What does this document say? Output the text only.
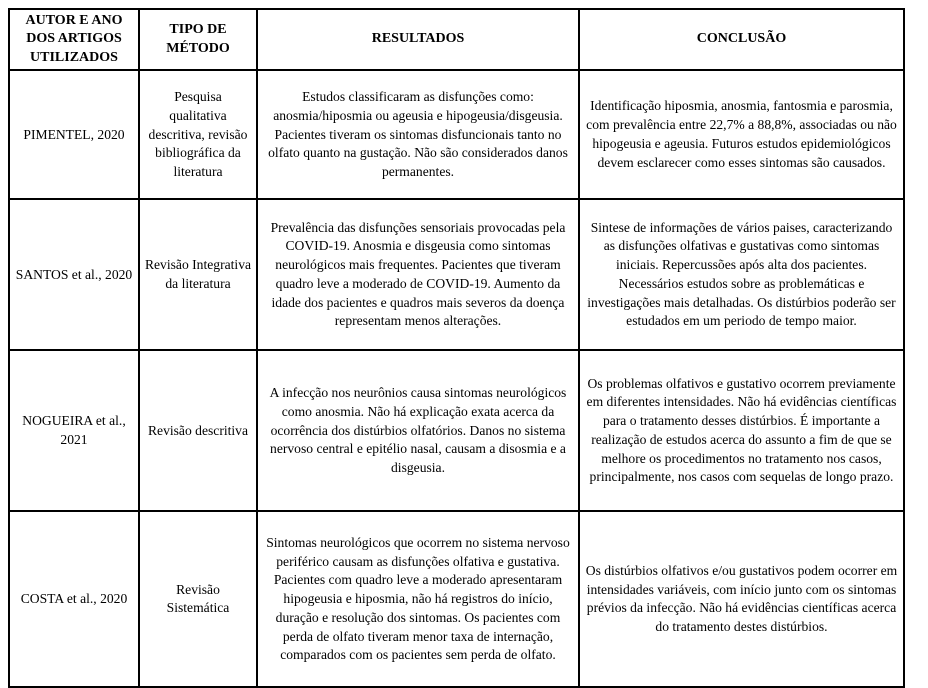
AUTOR E ANO DOS ARTIGOS UTILIZADOS	TIPO DE MÉTODO	RESULTADOS	CONCLUSÃO
PIMENTEL, 2020	Pesquisa qualitativa descritiva, revisão bibliográfica da literatura	Estudos classificaram as disfunções como: anosmia/hiposmia ou ageusia e hipogeusia/disgeusia. Pacientes tiveram os sintomas disfuncionais tanto no olfato quanto na gustação. Não são considerados danos permanentes.	Identificação hiposmia, anosmia, fantosmia e parosmia, com prevalência entre 22,7% a 88,8%, associadas ou não hipogeusia e ageusia. Futuros estudos epidemiológicos devem esclarecer como esses sintomas são causados.
SANTOS et al., 2020	Revisão Integrativa da literatura	Prevalência das disfunções sensoriais provocadas pela COVID-19. Anosmia e disgeusia como sintomas neurológicos mais frequentes. Pacientes que tiveram quadro leve a moderado de COVID-19. Aumento da idade dos pacientes e quadros mais severos da doença representam menos alterações.	Sintese de informações de vários paises, caracterizando as disfunções olfativas e gustativas como sintomas iniciais. Repercussões após alta dos pacientes. Necessários estudos sobre as problemáticas e investigações mais detalhadas. Os distúrbios poderão ser estudados em um periodo de tempo maior.
NOGUEIRA et al., 2021	Revisão descritiva	A infecção nos neurônios causa sintomas neurológicos como anosmia. Não há explicação exata acerca da ocorrência dos distúrbios olfatórios. Danos no sistema nervoso central e epitélio nasal, causam a disosmia e a disgeusia.	Os problemas olfativos e gustativo ocorrem previamente em diferentes intensidades. Não há evidências científicas para o tratamento desses distúrbios. É importante a realização de estudos acerca do assunto a fim de que se melhore os procedimentos no tratamento nos casos, principalmente, nos casos com sequelas de longo prazo.
COSTA et al., 2020	Revisão Sistemática	Sintomas neurológicos que ocorrem no sistema nervoso periférico causam as disfunções olfativa e gustativa. Pacientes com quadro leve a moderado apresentaram hipogeusia e hiposmia, não há registros do início, duração e resolução dos sintomas. Os pacientes com perda de olfato tiveram menor taxa de internação, comparados com os pacientes sem perda de olfato.	Os distúrbios olfativos e/ou gustativos podem ocorrer em intensidades variáveis, com início junto com os sintomas prévios da infecção. Não há evidências científicas acerca do tratamento destes distúrbios.
